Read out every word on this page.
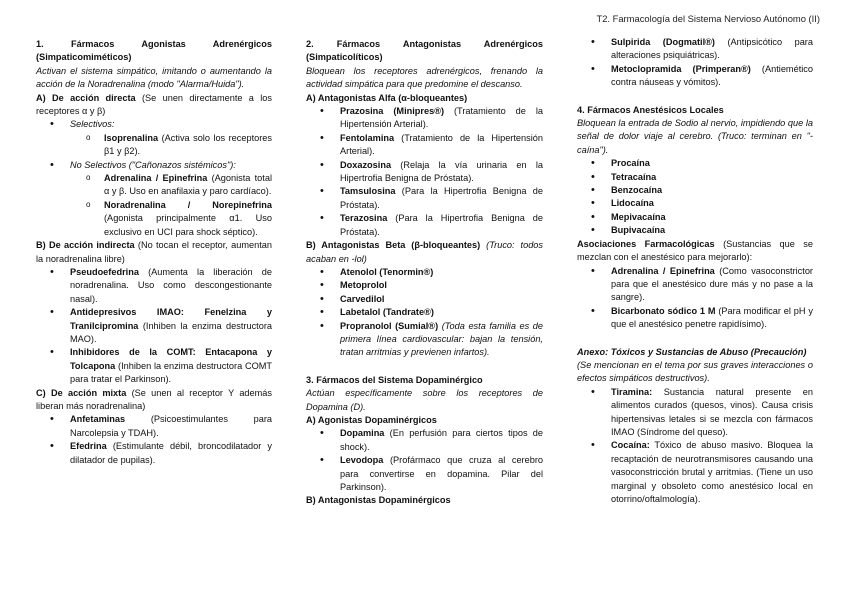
T2. Farmacología del Sistema Nervioso Autónomo (II)

1. Fármacos Agonistas Adrenérgicos (Simpaticomiméticos)

Activan el sistema simpático, imitando o aumentando la acción de la Noradrenalina (modo "Alarma/Huida").

A) De acción directa (Se unen directamente a los receptores α y β)

• Selectivos:
o Isoprenalina (Activa solo los receptores β1 y β2).
• No Selectivos ("Cañonazos sistémicos"):
o Adrenalina / Epinefrina (Agonista total α y β. Uso en anafilaxia y paro cardíaco).
o Noradrenalina / Norepinefrina (Agonista principalmente α1. Uso exclusivo en UCI para shock séptico).

B) De acción indirecta (No tocan el receptor, aumentan la noradrenalina libre)

• Pseudoefedrina (Aumenta la liberación de noradrenalina. Uso como descongestionante nasal).
• Antidepresivos IMAO: Fenelzina y Tranilcipromina (Inhiben la enzima destructora MAO).
• Inhibidores de la COMT: Entacapona y Tolcapona (Inhiben la enzima destructora COMT para tratar el Parkinson).

C) De acción mixta (Se unen al receptor Y además liberan más noradrenalina)

• Anfetaminas (Psicoestimulantes para Narcolepsia y TDAH).
• Efedrina (Estimulante débil, broncodilatador y dilatador de pupilas).

2. Fármacos Antagonistas Adrenérgicos (Simpaticolíticos)

Bloquean los receptores adrenérgicos, frenando la actividad simpática para que predomine el descanso.

A) Antagonistas Alfa (α-bloqueantes)

• Prazosina (Minipres®) (Tratamiento de la Hipertensión Arterial).
• Fentolamina (Tratamiento de la Hipertensión Arterial).
• Doxazosina (Relaja la vía urinaria en la Hipertrofia Benigna de Próstata).
• Tamsulosina (Para la Hipertrofia Benigna de Próstata).
• Terazosina (Para la Hipertrofia Benigna de Próstata).

B) Antagonistas Beta (β-bloqueantes) (Truco: todos acaban en -lol)

• Atenolol (Tenormin®)
• Metoprolol
• Carvedilol
• Labetalol (Tandrate®)
• Propranolol (Sumial®) (Toda esta familia es de primera línea cardiovascular: bajan la tensión, tratan arritmias y previenen infartos).

3. Fármacos del Sistema Dopaminérgico

Actúan específicamente sobre los receptores de Dopamina (D).

A) Agonistas Dopaminérgicos

• Dopamina (En perfusión para ciertos tipos de shock).
• Levodopa (Profármaco que cruza al cerebro para convertirse en dopamina. Pilar del Parkinson).

B) Antagonistas Dopaminérgicos

• Sulpirida (Dogmatil®) (Antipsicótico para alteraciones psiquiátricas).
• Metoclopramida (Primperan®) (Antiemético contra náuseas y vómitos).

4. Fármacos Anestésicos Locales

Bloquean la entrada de Sodio al nervio, impidiendo que la señal de dolor viaje al cerebro. (Truco: terminan en "-caína").

• Procaína
• Tetracaína
• Benzocaína
• Lidocaína
• Mepivacaína
• Bupivacaína

Asociaciones Farmacológicas (Sustancias que se mezclan con el anestésico para mejorarlo):

• Adrenalina / Epinefrina (Como vasoconstrictor para que el anestésico dure más y no pase a la sangre).
• Bicarbonato sódico 1 M (Para modificar el pH y que el anestésico penetre rapidísimo).

Anexo: Tóxicos y Sustancias de Abuso (Precaución)

(Se mencionan en el tema por sus graves interacciones o efectos simpáticos destructivos).

• Tiramina: Sustancia natural presente en alimentos curados (quesos, vinos). Causa crisis hipertensivas letales si se mezcla con fármacos IMAO (Síndrome del queso).
• Cocaína: Tóxico de abuso masivo. Bloquea la recaptación de neurotransmisores causando una vasoconstricción brutal y arritmias. (Tiene un uso marginal y obsoleto como anestésico local en otorrino/oftalmología).
